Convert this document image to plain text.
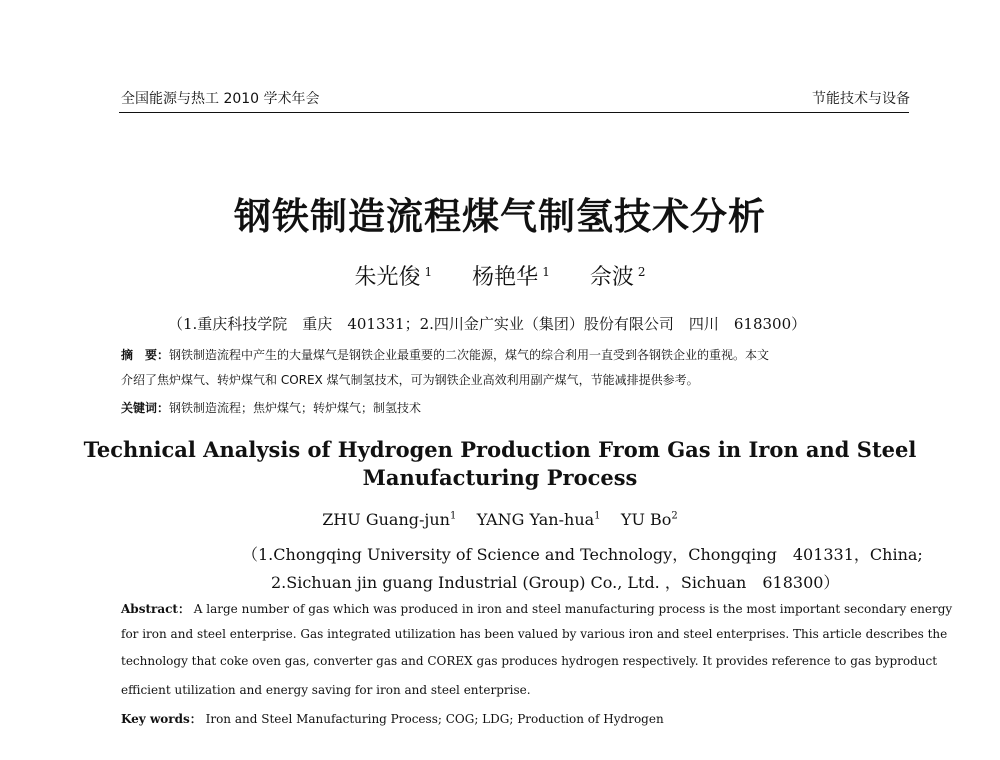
全国能源与热工 2010 学术年会	节能技术与设备
钢铁制造流程煤气制氢技术分析
朱光俊 $^1$ 杨艳华 $^1$ 佘波 $^2$
（1.重庆科技学院　重庆　401331；2.四川金广实业（集团）股份有限公司　四川　618300）
摘　要：钢铁制造流程中产生的大量煤气是钢铁企业最重要的二次能源，煤气的综合利用一直受到各钢铁企业的重视。本文
介绍了焦炉煤气、转炉煤气和 COREX 煤气制氢技术，可为钢铁企业高效利用副产煤气，节能减排提供参考。
关键词：钢铁制造流程；焦炉煤气；转炉煤气；制氢技术
Technical Analysis of Hydrogen Production From Gas in Iron and Steel
Manufacturing Process
ZHU Guang-jun$^1$ YANG Yan-hua$^1$ YU Bo$^2$
（1.Chongqing University of Science and Technology，Chongqing　401331，China;
2.Sichuan jin guang Industrial (Group) Co., Ltd. ，Sichuan　618300）
Abstract： A large number of gas which was produced in iron and steel manufacturing process is the most important secondary energy
for iron and steel enterprise. Gas integrated utilization has been valued by various iron and steel enterprises. This article describes the
technology that coke oven gas, converter gas and COREX gas produces hydrogen respectively. It provides reference to gas byproduct
efficient utilization and energy saving for iron and steel enterprise.
Key words： Iron and Steel Manufacturing Process; COG; LDG; Production of Hydrogen
